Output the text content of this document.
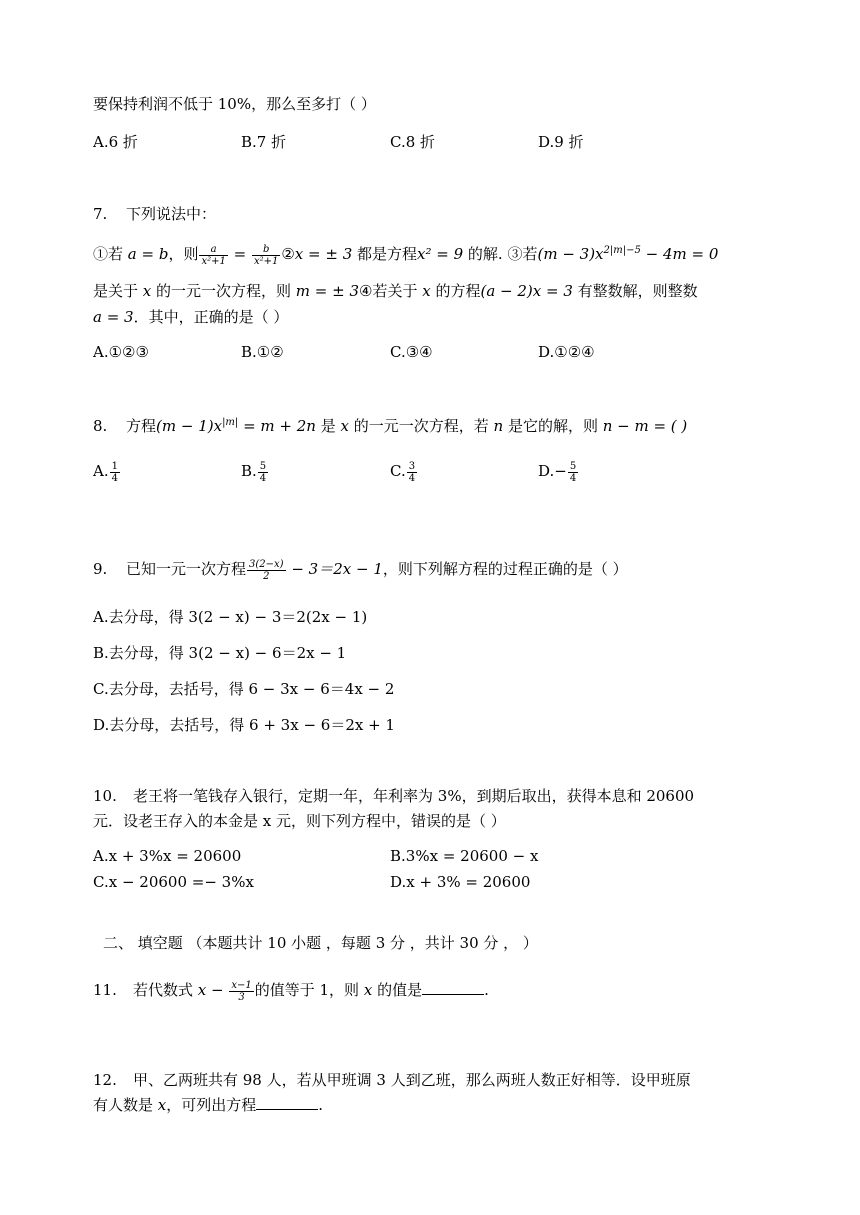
要保持利润不低于 10%，那么至多打（ ）
A.6 折	B.7 折	C.8 折	D.9 折
7. 下列说法中：
①若 a = b，则 $\frac{a}{\text{x²+1}} = \frac{b}{\text{x²+1}}$ ②x = ± 3 都是方程x² = 9 的解. ③若$(m - 3)x^{2|m|-5} - 4m = 0$
是关于 x 的一元一次方程，则 m = ± 3④若关于 x 的方程(a − 2)x = 3 有整数解，则整数
a = 3．其中，正确的是（ ）
A.①②③	B.①②	C.③④	D.①②④
8. 方程$(m - 1)x^{|m|} = m + 2n$ 是 x 的一元一次方程，若 n 是它的解，则 n − m = ( )
A. $\frac{1}{4}$	B. $\frac{5}{4}$	C. $\frac{3}{4}$	$D.- \frac{5}{4}$
9. 已知一元一次方程 $\frac{3(2-x)}{2} - 3=2x - 1$，则下列解方程的过程正确的是（ ）
A.去分母，得 3(2 − x) − 3＝2(2x − 1)
B.去分母，得 3(2 − x) − 6＝2x − 1
C.去分母，去括号，得 6 − 3x − 6＝4x − 2
D.去分母，去括号，得 6 + 3x − 6＝2x + 1
10. 老王将一笔钱存入银行，定期一年，年利率为 3%，到期后取出，获得本息和 20600
元．设老王存入的本金是 x 元，则下列方程中，错误的是（ ）
A.x + 3%x = 20600	B.3%x = 20600 − x
C.x − 20600 =− 3%x	D.x + 3% = 20600
二、 填空题 （本题共计 10 小题 ，每题 3 分 ，共计 30 分 ， ）
11. 若代数式 $x - \frac{x-1}{3}$ 的值等于 1，则 x 的值是	.
12. 甲、乙两班共有 98 人，若从甲班调 3 人到乙班，那么两班人数正好相等．设甲班原
有人数是 x，可列出方程	.
